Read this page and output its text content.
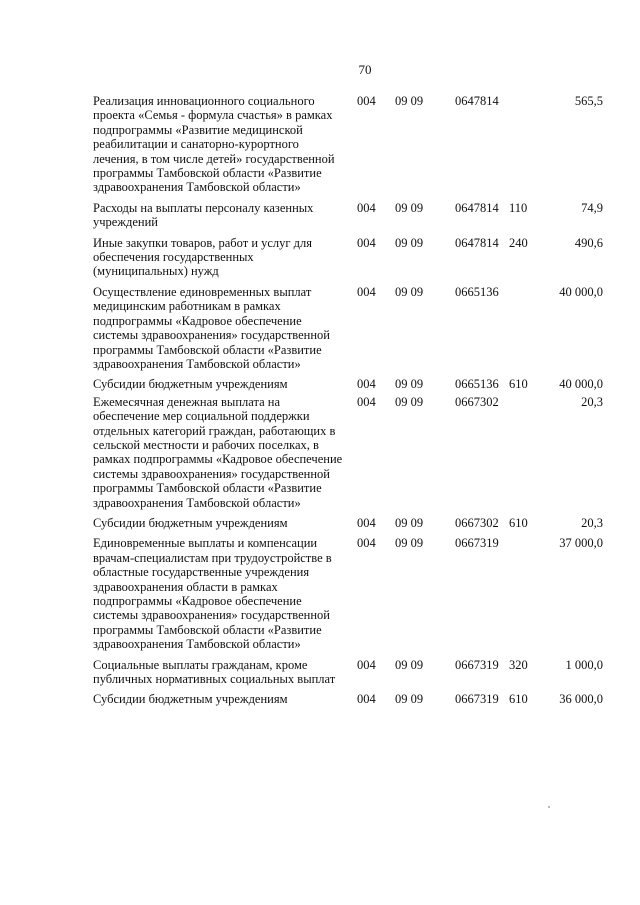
70
Реализация инновационного социального проекта «Семья - формула счастья» в рамках подпрограммы «Развитие медицинской реабилитации и санаторно-курортного лечения, в том числе детей» государственной программы Тамбовской области «Развитие здравоохранения Тамбовской области»
004	09 09	0647814	565,5
Расходы на выплаты персоналу казенных учреждений
004	09 09	0647814 110	74,9
Иные закупки товаров, работ и услуг для обеспечения государственных (муниципальных) нужд
004	09 09	0647814 240	490,6
Осуществление единовременных выплат медицинским работникам в рамках подпрограммы «Кадровое обеспечение системы здравоохранения» государственной программы Тамбовской области «Развитие здравоохранения Тамбовской области»
004	09 09	0665136	40 000,0
Субсидии бюджетным учреждениям	004	09 09	0665136 610	40 000,0
Ежемесячная денежная выплата на обеспечение мер социальной поддержки отдельных категорий граждан, работающих в сельской местности и рабочих поселках, в рамках подпрограммы «Кадровое обеспечение системы здравоохранения» государственной программы Тамбовской области «Развитие здравоохранения Тамбовской области»
004	09 09	0667302	20,3
Субсидии бюджетным учреждениям	004	09 09	0667302 610	20,3
Единовременные выплаты и компенсации врачам-специалистам при трудоустройстве в областные государственные учреждения здравоохранения области в рамках подпрограммы «Кадровое обеспечение системы здравоохранения» государственной программы Тамбовской области «Развитие здравоохранения Тамбовской области»
004	09 09	0667319	37 000,0
Социальные выплаты гражданам, кроме публичных нормативных социальных выплат
004	09 09	0667319 320	1 000,0
Субсидии бюджетным учреждениям	004	09 09	0667319 610	36 000,0
